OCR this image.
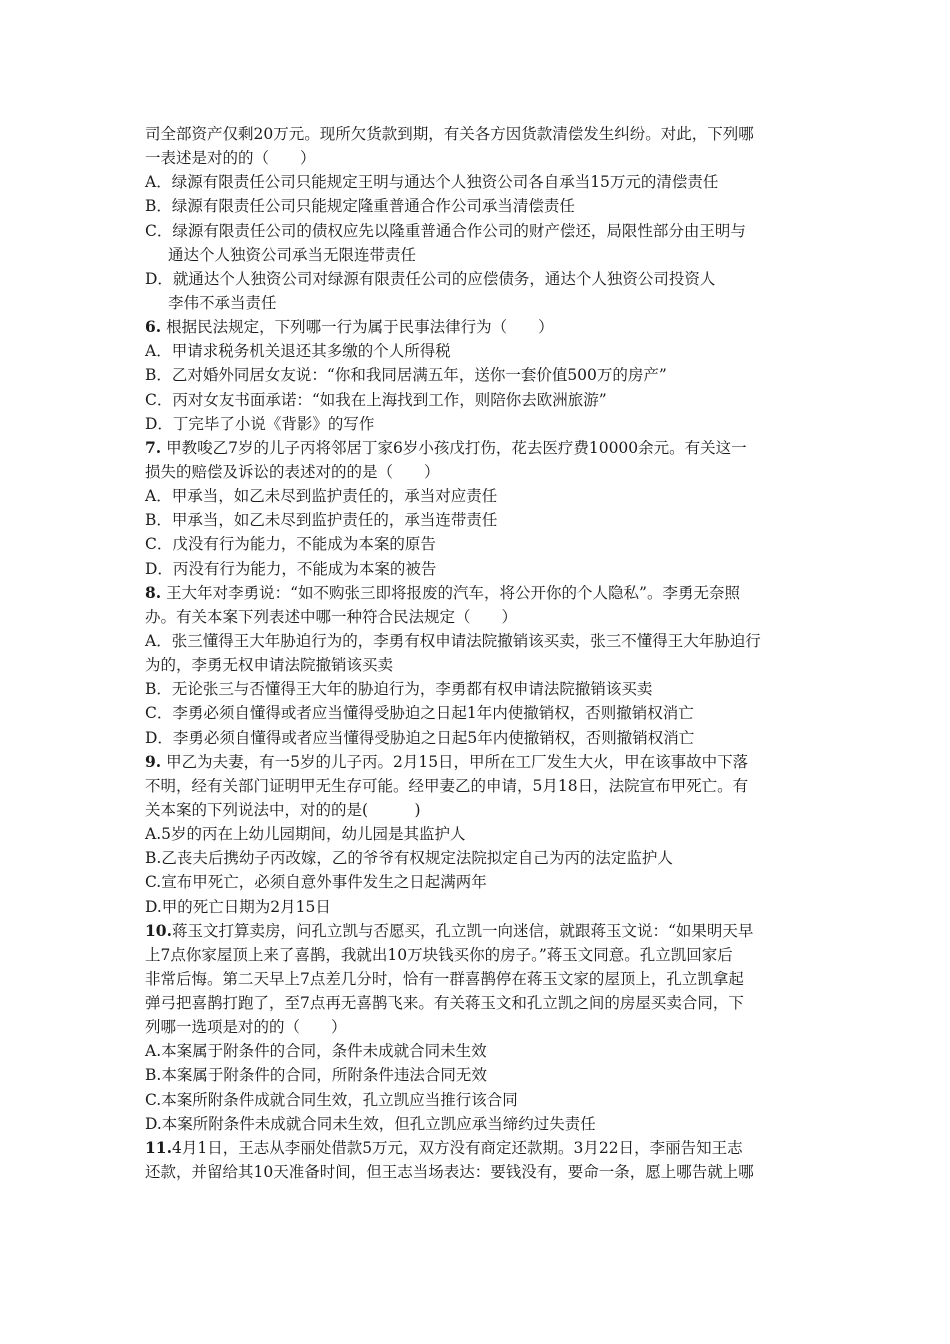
司全部资产仅剩20万元。现所欠货款到期，有关各方因货款清偿发生纠纷。对此，下列哪
一表述是对的的（　　）
A．绿源有限责任公司只能规定王明与通达个人独资公司各自承当15万元的清偿责任
B．绿源有限责任公司只能规定隆重普通合作公司承当清偿责任
C．绿源有限责任公司的债权应先以隆重普通合作公司的财产偿还，局限性部分由王明与
通达个人独资公司承当无限连带责任
D．就通达个人独资公司对绿源有限责任公司的应偿债务，通达个人独资公司投资人
李伟不承当责任
6. 根据民法规定，下列哪一行为属于民事法律行为（　　）
A．甲请求税务机关退还其多缴的个人所得税
B．乙对婚外同居女友说：“你和我同居满五年，送你一套价值500万的房产”
C．丙对女友书面承诺：“如我在上海找到工作，则陪你去欧洲旅游”
D．丁完毕了小说《背影》的写作
7. 甲教唆乙7岁的儿子丙将邻居丁家6岁小孩戊打伤，花去医疗费10000余元。有关这一
损失的赔偿及诉讼的表述对的的是（　　）
A．甲承当，如乙未尽到监护责任的，承当对应责任
B．甲承当，如乙未尽到监护责任的，承当连带责任
C．戊没有行为能力，不能成为本案的原告
D．丙没有行为能力，不能成为本案的被告
8. 王大年对李勇说：“如不购张三即将报废的汽车，将公开你的个人隐私”。李勇无奈照
办。有关本案下列表述中哪一种符合民法规定（　　）
A．张三懂得王大年胁迫行为的，李勇有权申请法院撤销该买卖，张三不懂得王大年胁迫行
为的，李勇无权申请法院撤销该买卖
B．无论张三与否懂得王大年的胁迫行为，李勇都有权申请法院撤销该买卖
C．李勇必须自懂得或者应当懂得受胁迫之日起1年内使撤销权，否则撤销权消亡
D．李勇必须自懂得或者应当懂得受胁迫之日起5年内使撤销权，否则撤销权消亡
9. 甲乙为夫妻，有一5岁的儿子丙。2月15日，甲所在工厂发生大火，甲在该事故中下落
不明，经有关部门证明甲无生存可能。经甲妻乙的申请，5月18日，法院宣布甲死亡。有
关本案的下列说法中，对的的是(　　　)
A.5岁的丙在上幼儿园期间，幼儿园是其监护人
B.乙丧夫后携幼子丙改嫁，乙的爷爷有权规定法院拟定自己为丙的法定监护人
C.宣布甲死亡，必须自意外事件发生之日起满两年
D.甲的死亡日期为2月15日
10.蒋玉文打算卖房，问孔立凯与否愿买，孔立凯一向迷信，就跟蒋玉文说：“如果明天早
上7点你家屋顶上来了喜鹊，我就出10万块钱买你的房子。”蒋玉文同意。孔立凯回家后
非常后悔。第二天早上7点差几分时，恰有一群喜鹊停在蒋玉文家的屋顶上，孔立凯拿起
弹弓把喜鹊打跑了，至7点再无喜鹊飞来。有关蒋玉文和孔立凯之间的房屋买卖合同，下
列哪一选项是对的的（　　）
A.本案属于附条件的合同，条件未成就合同未生效
B.本案属于附条件的合同，所附条件违法合同无效
C.本案所附条件成就合同生效，孔立凯应当推行该合同
D.本案所附条件未成就合同未生效，但孔立凯应承当缔约过失责任
11.4月1日，王志从李丽处借款5万元，双方没有商定还款期。3月22日，李丽告知王志
还款，并留给其10天准备时间，但王志当场表达：要钱没有，要命一条，愿上哪告就上哪
